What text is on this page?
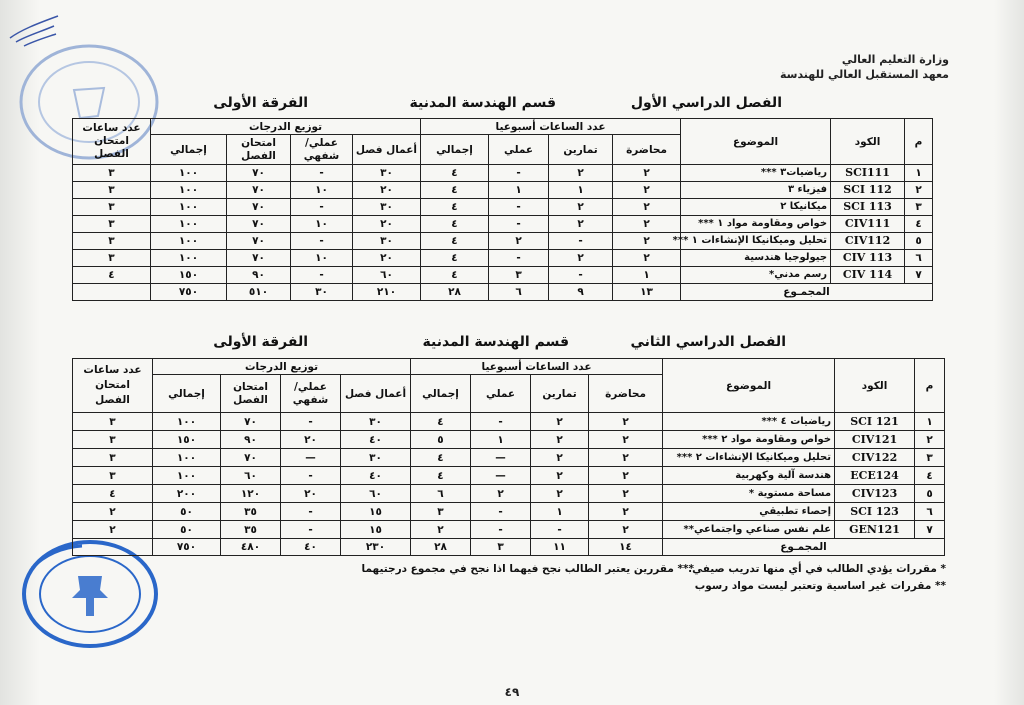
وزارة التعليم العالي
معهد المستقبل العالي للهندسة
الفصل الدراسي الأول
قسم الهندسة المدنية
الفرقة الأولى
م	الكود	الموضوع	عدد الساعات أسبوعيا				توزيع الدرجات				عدد ساعات امتحان الفصل
			محاضرة	تمارين	عملي	إجمالي	أعمال فصل	عملي/ شفهي	امتحان الفصل	إجمالي	
١	SCI111	رياضيات٣ ***	٢	٢	-	٤	٣٠	-	٧٠	١٠٠	٣
٢	SCI 112	فيزياء ٣	٢	١	١	٤	٢٠	١٠	٧٠	١٠٠	٣
٣	SCI 113	ميكانيكا ٢	٢	٢	-	٤	٣٠	-	٧٠	١٠٠	٣
٤	CIV111	خواص ومقاومة مواد ١ ***	٢	٢	-	٤	٢٠	١٠	٧٠	١٠٠	٣
٥	CIV112	تحليل وميكانيكا الإنشاءات ١ ***	٢	-	٢	٤	٣٠	-	٧٠	١٠٠	٣
٦	CIV 113	جيولوجيا هندسية	٢	٢	-	٤	٢٠	١٠	٧٠	١٠٠	٣
٧	CIV 114	رسم مدني*	١	-	٣	٤	٦٠	-	٩٠	١٥٠	٤
المجمـوع			١٣	٩	٦	٢٨	٢١٠	٣٠	٥١٠	٧٥٠	
الفصل الدراسي الثاني
قسم الهندسة المدنية
الفرقة الأولى
م	الكود	الموضوع	عدد الساعات أسبوعيا				توزيع الدرجات				عدد ساعات امتحان الفصل
			محاضرة	تمارين	عملي	إجمالي	أعمال فصل	عملي/ شفهي	امتحان الفصل	إجمالي	
١	SCI 121	رياضيات ٤ ***	٢	٢	-	٤	٣٠	-	٧٠	١٠٠	٣
٢	CIV121	خواص ومقاومة مواد ٢ ***	٢	٢	١	٥	٤٠	٢٠	٩٠	١٥٠	٣
٣	CIV122	تحليل وميكانيكا الإنشاءات ٢ ***	٢	٢	—	٤	٣٠	—	٧٠	١٠٠	٣
٤	ECE124	هندسة آلية وكهربية	٢	٢	—	٤	٤٠	-	٦٠	١٠٠	٣
٥	CIV123	مساحة مستوية *	٢	٢	٢	٦	٦٠	٢٠	١٢٠	٢٠٠	٤
٦	SCI 123	إحصاء تطبيقي	٢	١	-	٣	١٥	-	٣٥	٥٠	٢
٧	GEN121	علم نفس صناعي واجتماعي**	٢	-	-	٢	١٥	-	٣٥	٥٠	٢
المجمـوع			١٤	١١	٣	٢٨	٢٣٠	٤٠	٤٨٠	٧٥٠	
* مقررات يؤدي الطالب في أي منها تدريب صيفي.
*** مقررين يعتبر الطالب نجح فيهما اذا نجح في مجموع درجتيهما
** مقررات غير اساسية وتعتبر ليست مواد رسوب
٤٩
